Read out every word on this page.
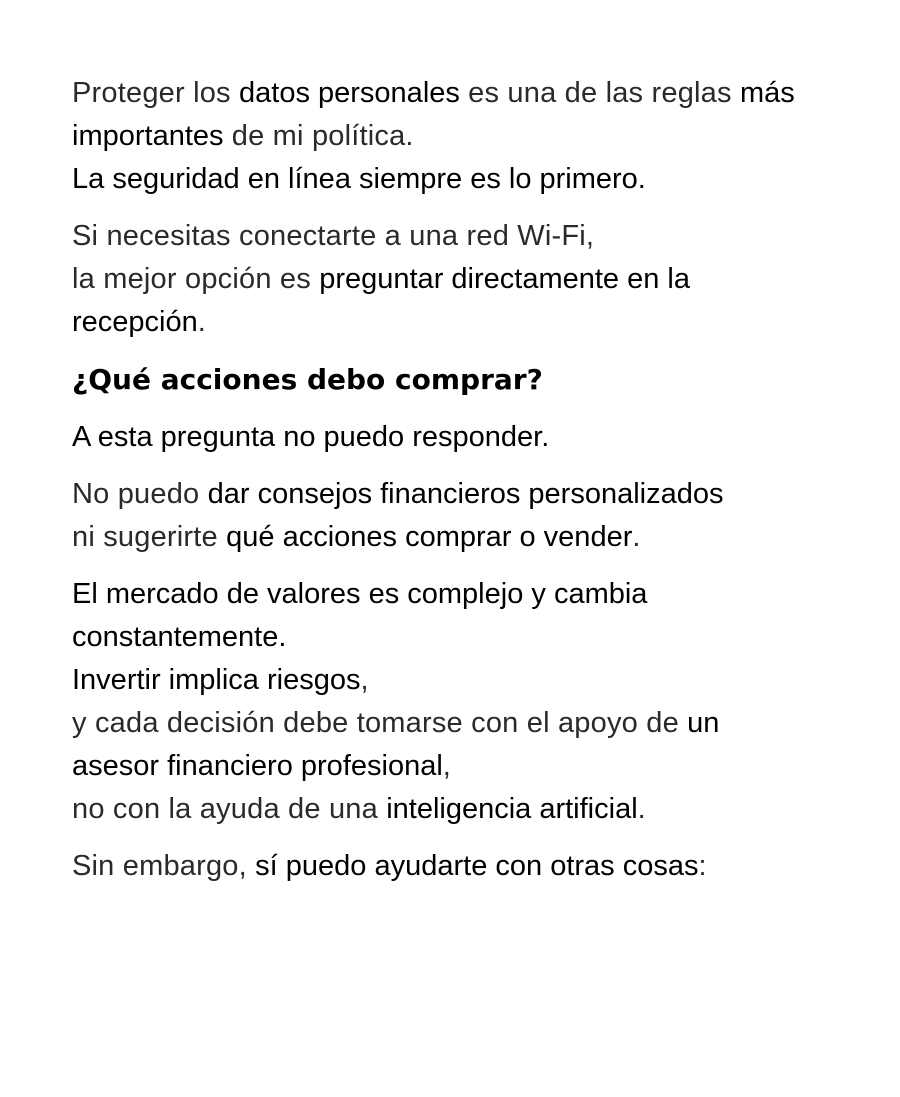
Proteger los datos personales es una de las reglas más
importantes de mi política.
La seguridad en línea siempre es lo primero.
Si necesitas conectarte a una red Wi-Fi,
la mejor opción es preguntar directamente en la
recepción.
¿Qué acciones debo comprar?
A esta pregunta no puedo responder.
No puedo dar consejos financieros personalizados
ni sugerirte qué acciones comprar o vender.
El mercado de valores es complejo y cambia
constantemente.
Invertir implica riesgos,
y cada decisión debe tomarse con el apoyo de un
asesor financiero profesional,
no con la ayuda de una inteligencia artificial.
Sin embargo, sí puedo ayudarte con otras cosas:
